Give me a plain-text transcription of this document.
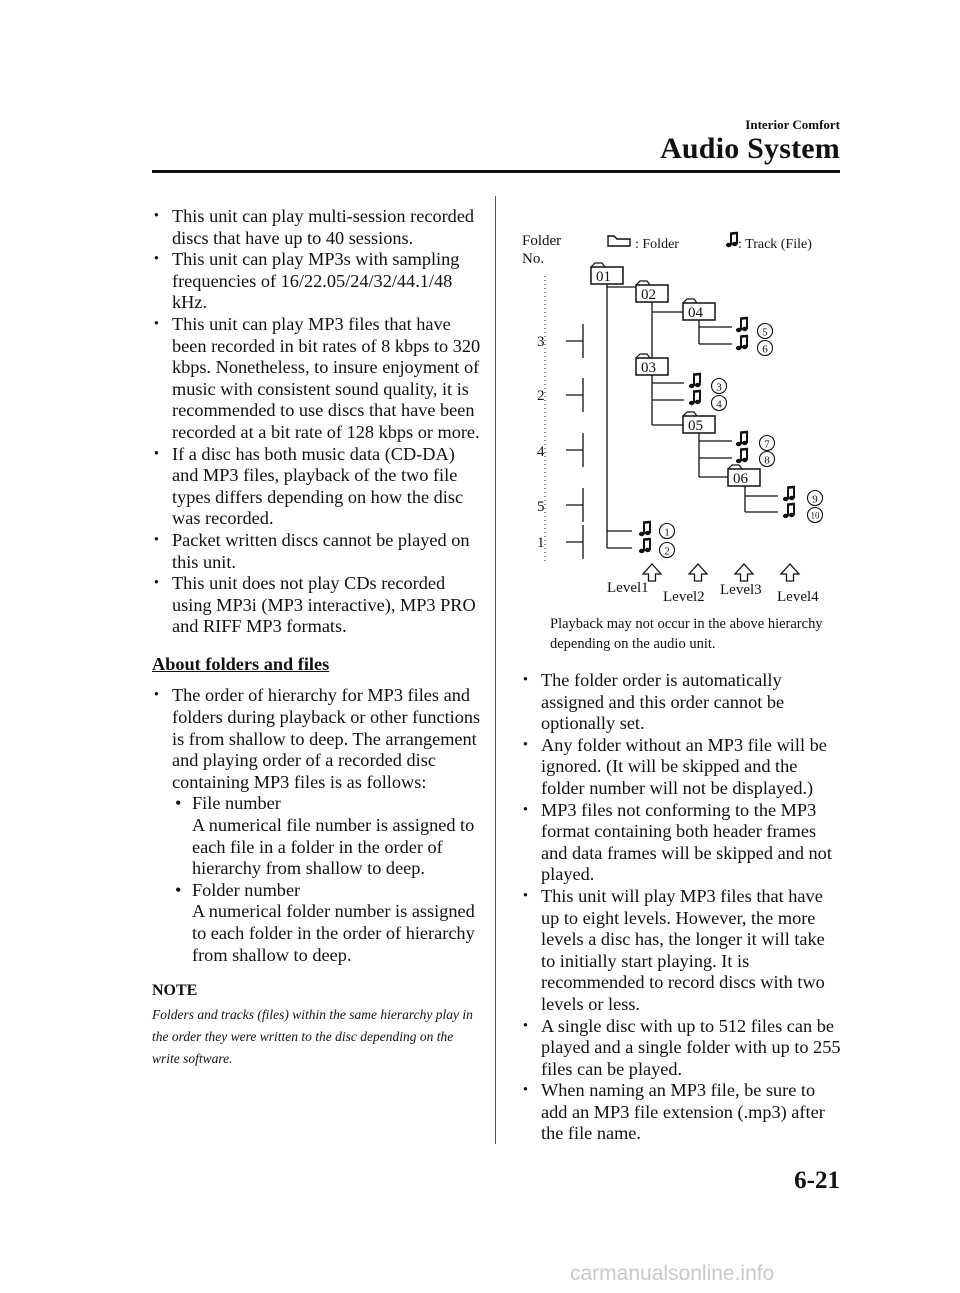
Interior Comfort
Audio System
● This unit can play multi-session recorded discs that have up to 40 sessions.
● This unit can play MP3s with sampling frequencies of 16/22.05/24/32/44.1/48 kHz.
● This unit can play MP3 files that have been recorded in bit rates of 8 kbps to 320 kbps. Nonetheless, to insure enjoyment of music with consistent sound quality, it is recommended to use discs that have been recorded at a bit rate of 128 kbps or more.
● If a disc has both music data (CD-DA) and MP3 files, playback of the two file types differs depending on how the disc was recorded.
● Packet written discs cannot be played on this unit.
● This unit does not play CDs recorded using MP3i (MP3 interactive), MP3 PRO and RIFF MP3 formats.
About folders and files
● The order of hierarchy for MP3 files and folders during playback or other functions is from shallow to deep. The arrangement and playing order of a recorded disc containing MP3 files is as follows:
• File number
A numerical file number is assigned to each file in a folder in the order of hierarchy from shallow to deep.
• Folder number
A numerical folder number is assigned to each folder in the order of hierarchy from shallow to deep.
NOTE
Folders and tracks (files) within the same hierarchy play in the order they were written to the disc depending on the write software.
Folder
No.
: Folder	: Track (File)
3
2
4
5
1
01
02
04
03
05
06
5
6
3
4
7
8
9
10
1
2
Level1
Level2 Level3 Level4
Playback may not occur in the above hierarchy depending on the audio unit.
● The folder order is automatically assigned and this order cannot be optionally set.
● Any folder without an MP3 file will be ignored. (It will be skipped and the folder number will not be displayed.)
● MP3 files not conforming to the MP3 format containing both header frames and data frames will be skipped and not played.
● This unit will play MP3 files that have up to eight levels. However, the more levels a disc has, the longer it will take to initially start playing. It is recommended to record discs with two levels or less.
● A single disc with up to 512 files can be played and a single folder with up to 255 files can be played.
● When naming an MP3 file, be sure to add an MP3 file extension (.mp3) after the file name.
6-21
carmanualsonline.info
